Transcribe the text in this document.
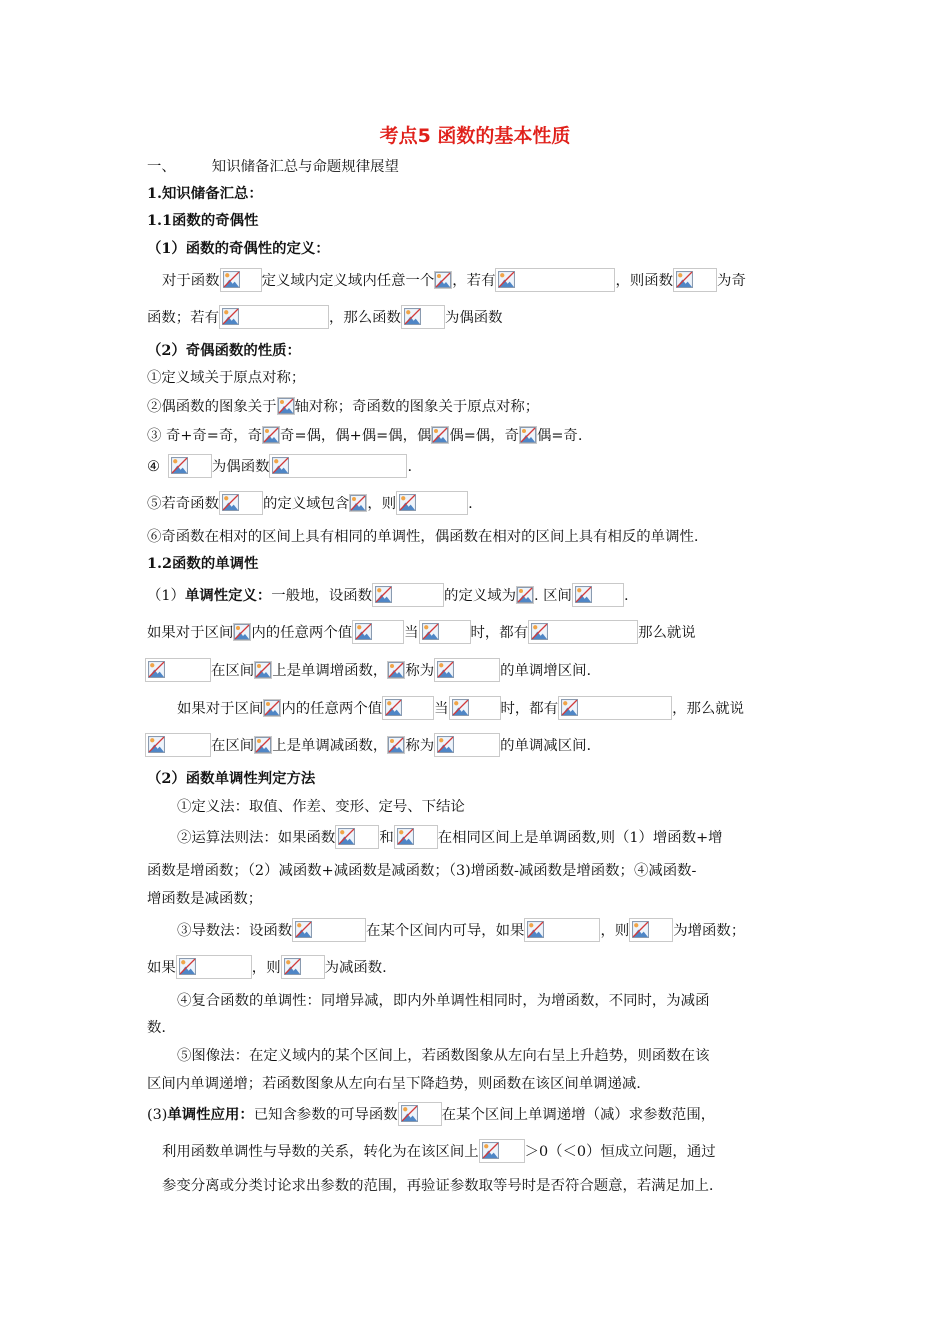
考点5 函数的基本性质
一、	知识储备汇总与命题规律展望
1.知识储备汇总：
1.1函数的奇偶性
（1）函数的奇偶性的定义：
对于函数	定义域内定义域内任意一个 ，若有	，则函数	为奇
函数；若有	，那么函数	为偶函数
（2）奇偶函数的性质：
①定义域关于原点对称；
②偶函数的图象关于 轴对称；奇函数的图象关于原点对称；
③ 奇+奇=奇，奇 奇=偶，偶+偶=偶，偶 偶=偶，奇 偶=奇.
④	为偶函数	.
⑤若奇函数	的定义域包含 ，则	.
⑥奇函数在相对的区间上具有相同的单调性，偶函数在相对的区间上具有相反的单调性.
1.2函数的单调性
（1）单调性定义：一般地，设函数	的定义域为 . 区间	.
如果对于区间 内的任意两个值	当	时，都有	那么就说
在区间 上是单调增函数， 称为	的单调增区间.
如果对于区间 内的任意两个值	当	时，都有	，那么就说
在区间 上是单调减函数， 称为	的单调减区间.
（2）函数单调性判定方法
①定义法：取值、作差、变形、定号、下结论
②运算法则法：如果函数	和	在相同区间上是单调函数,则（1）增函数+增
函数是增函数；（2）减函数+减函数是减函数；（3)增函数-减函数是增函数；④减函数-
增函数是减函数；
③导数法：设函数	在某个区间内可导，如果	，则	为增函数；
如果	，则	为减函数.
④复合函数的单调性：同增异减，即内外单调性相同时，为增函数，不同时，为减函
数.
⑤图像法：在定义域内的某个区间上，若函数图象从左向右呈上升趋势，则函数在该
区间内单调递增；若函数图象从左向右呈下降趋势，则函数在该区间单调递减.
(3)单调性应用：已知含参数的可导函数	在某个区间上单调递增（减）求参数范围，
利用函数单调性与导数的关系，转化为在该区间上	＞0（＜0）恒成立问题，通过
参变分离或分类讨论求出参数的范围，再验证参数取等号时是否符合题意，若满足加上.
